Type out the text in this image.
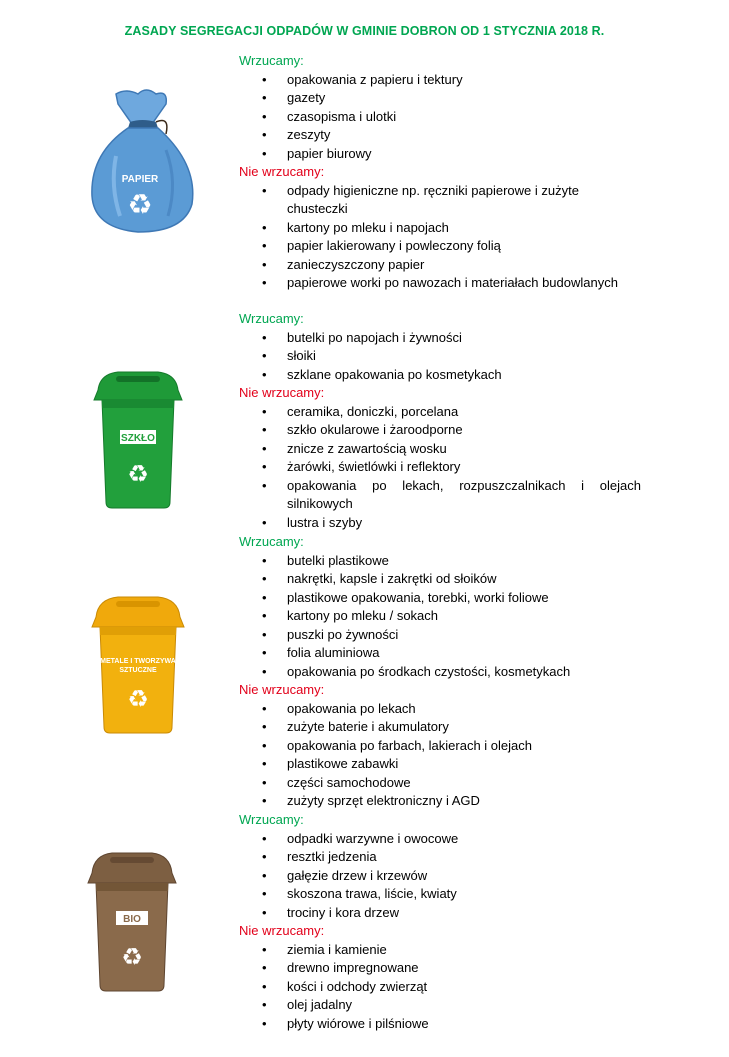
ZASADY SEGREGACJI ODPADÓW W GMINIE DOBRON OD 1 STYCZNIA 2018 R.
PAPIER
♻
Wrzucamy:
• opakowania z papieru i tektury
• gazety
• czasopisma i ulotki
• zeszyty
• papier biurowy
Nie wrzucamy:
• odpady higieniczne np. ręczniki papierowe i zużyte chusteczki
• kartony po mleku i napojach
• papier lakierowany i powleczony folią
• zanieczyszczony papier
• papierowe worki po nawozach i materiałach budowlanych
SZKŁO
♻
Wrzucamy:
• butelki po napojach i żywności
• słoiki
• szklane opakowania po kosmetykach
Nie wrzucamy:
• ceramika, doniczki, porcelana
• szkło okularowe i żaroodporne
• znicze z zawartością wosku
• żarówki, świetlówki i reflektory
• opakowania po lekach, rozpuszczalnikach i olejach silnikowych
• lustra i szyby
METALE I TWORZYWA
SZTUCZNE
♻
Wrzucamy:
• butelki plastikowe
• nakrętki, kapsle i zakrętki od słoików
• plastikowe opakowania, torebki, worki foliowe
• kartony po mleku / sokach
• puszki po żywności
• folia aluminiowa
• opakowania po środkach czystości, kosmetykach
Nie wrzucamy:
• opakowania po lekach
• zużyte baterie i akumulatory
• opakowania po farbach, lakierach i olejach
• plastikowe zabawki
• części samochodowe
• zużyty sprzęt elektroniczny i AGD
BIO
♻
Wrzucamy:
• odpadki warzywne i owocowe
• resztki jedzenia
• gałęzie drzew i krzewów
• skoszona trawa, liście, kwiaty
• trociny i kora drzew
Nie wrzucamy:
• ziemia i kamienie
• drewno impregnowane
• kości i odchody zwierząt
• olej jadalny
• płyty wiórowe i pilśniowe
